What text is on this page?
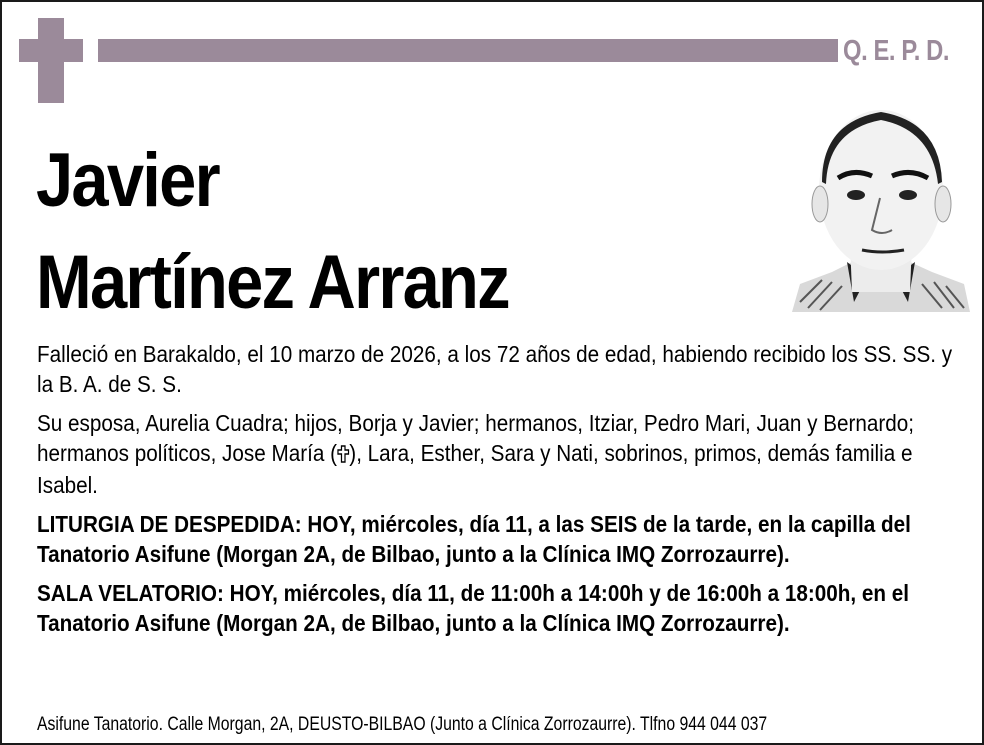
Q. E. P. D.
Javier
Martínez Arranz

Falleció en Barakaldo, el 10 marzo de 2026, a los 72 años de edad, habiendo recibido los SS. SS. y la B. A. de S. S.

Su esposa, Aurelia Cuadra; hijos, Borja y Javier; hermanos, Itziar, Pedro Mari, Juan y Bernardo; hermanos políticos, Jose María ( ), Lara, Esther, Sara y Nati, sobrinos, primos, demás familia e Isabel.

LITURGIA DE DESPEDIDA: HOY, miércoles, día 11, a las SEIS de la tarde, en la capilla del Tanatorio Asifune (Morgan 2A, de Bilbao, junto a la Clínica IMQ Zorrozaurre).

SALA VELATORIO: HOY, miércoles, día 11, de 11:00h a 14:00h y de 16:00h a 18:00h, en el Tanatorio Asifune (Morgan 2A, de Bilbao, junto a la Clínica IMQ Zorrozaurre).

Asifune Tanatorio. Calle Morgan, 2A, DEUSTO-BILBAO (Junto a Clínica Zorrozaurre). Tlfno 944 044 037
